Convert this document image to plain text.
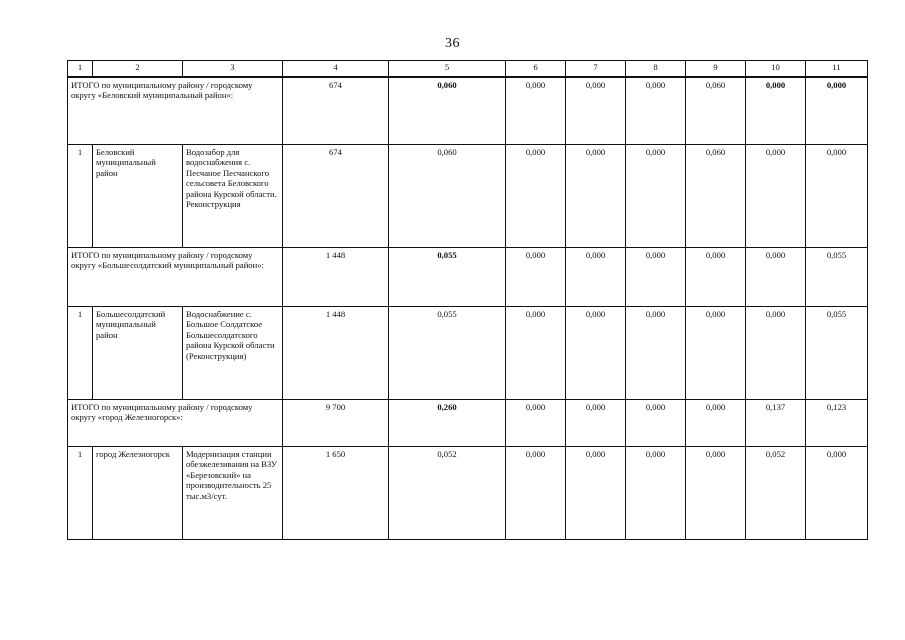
36
1	2	3	4	5	6	7	8	9	10	11
ИТОГО по муниципальному району / городскому округу «Беловский муниципальный район»:			674	0,060	0,000	0,000	0,000	0,060	0,000	0,000
1	Беловский муниципальный район	Водозабор для водоснабжения с. Песчаное Песчанского сельсовета Беловского района Курской области. Реконструкция	674	0,060	0,000	0,000	0,000	0,060	0,000	0,000
ИТОГО по муниципальному району / городскому округу «Большесолдатский муниципальный район»:			1 448	0,055	0,000	0,000	0,000	0,000	0,000	0,055
1	Большесолдатский муниципальный район	Водоснабжение с. Большое Солдатское Большесолдатского района Курской области (Реконструкция)	1 448	0,055	0,000	0,000	0,000	0,000	0,000	0,055
ИТОГО по муниципальному району / городскому округу «город Железногорск»:			9 700	0,260	0,000	0,000	0,000	0,000	0,137	0,123
1	город Железногорск	Модернизация станции обезжелезивания на ВЗУ «Березовский» на производительность 25 тыс.м3/сут.	1 650	0,052	0,000	0,000	0,000	0,000	0,052	0,000
